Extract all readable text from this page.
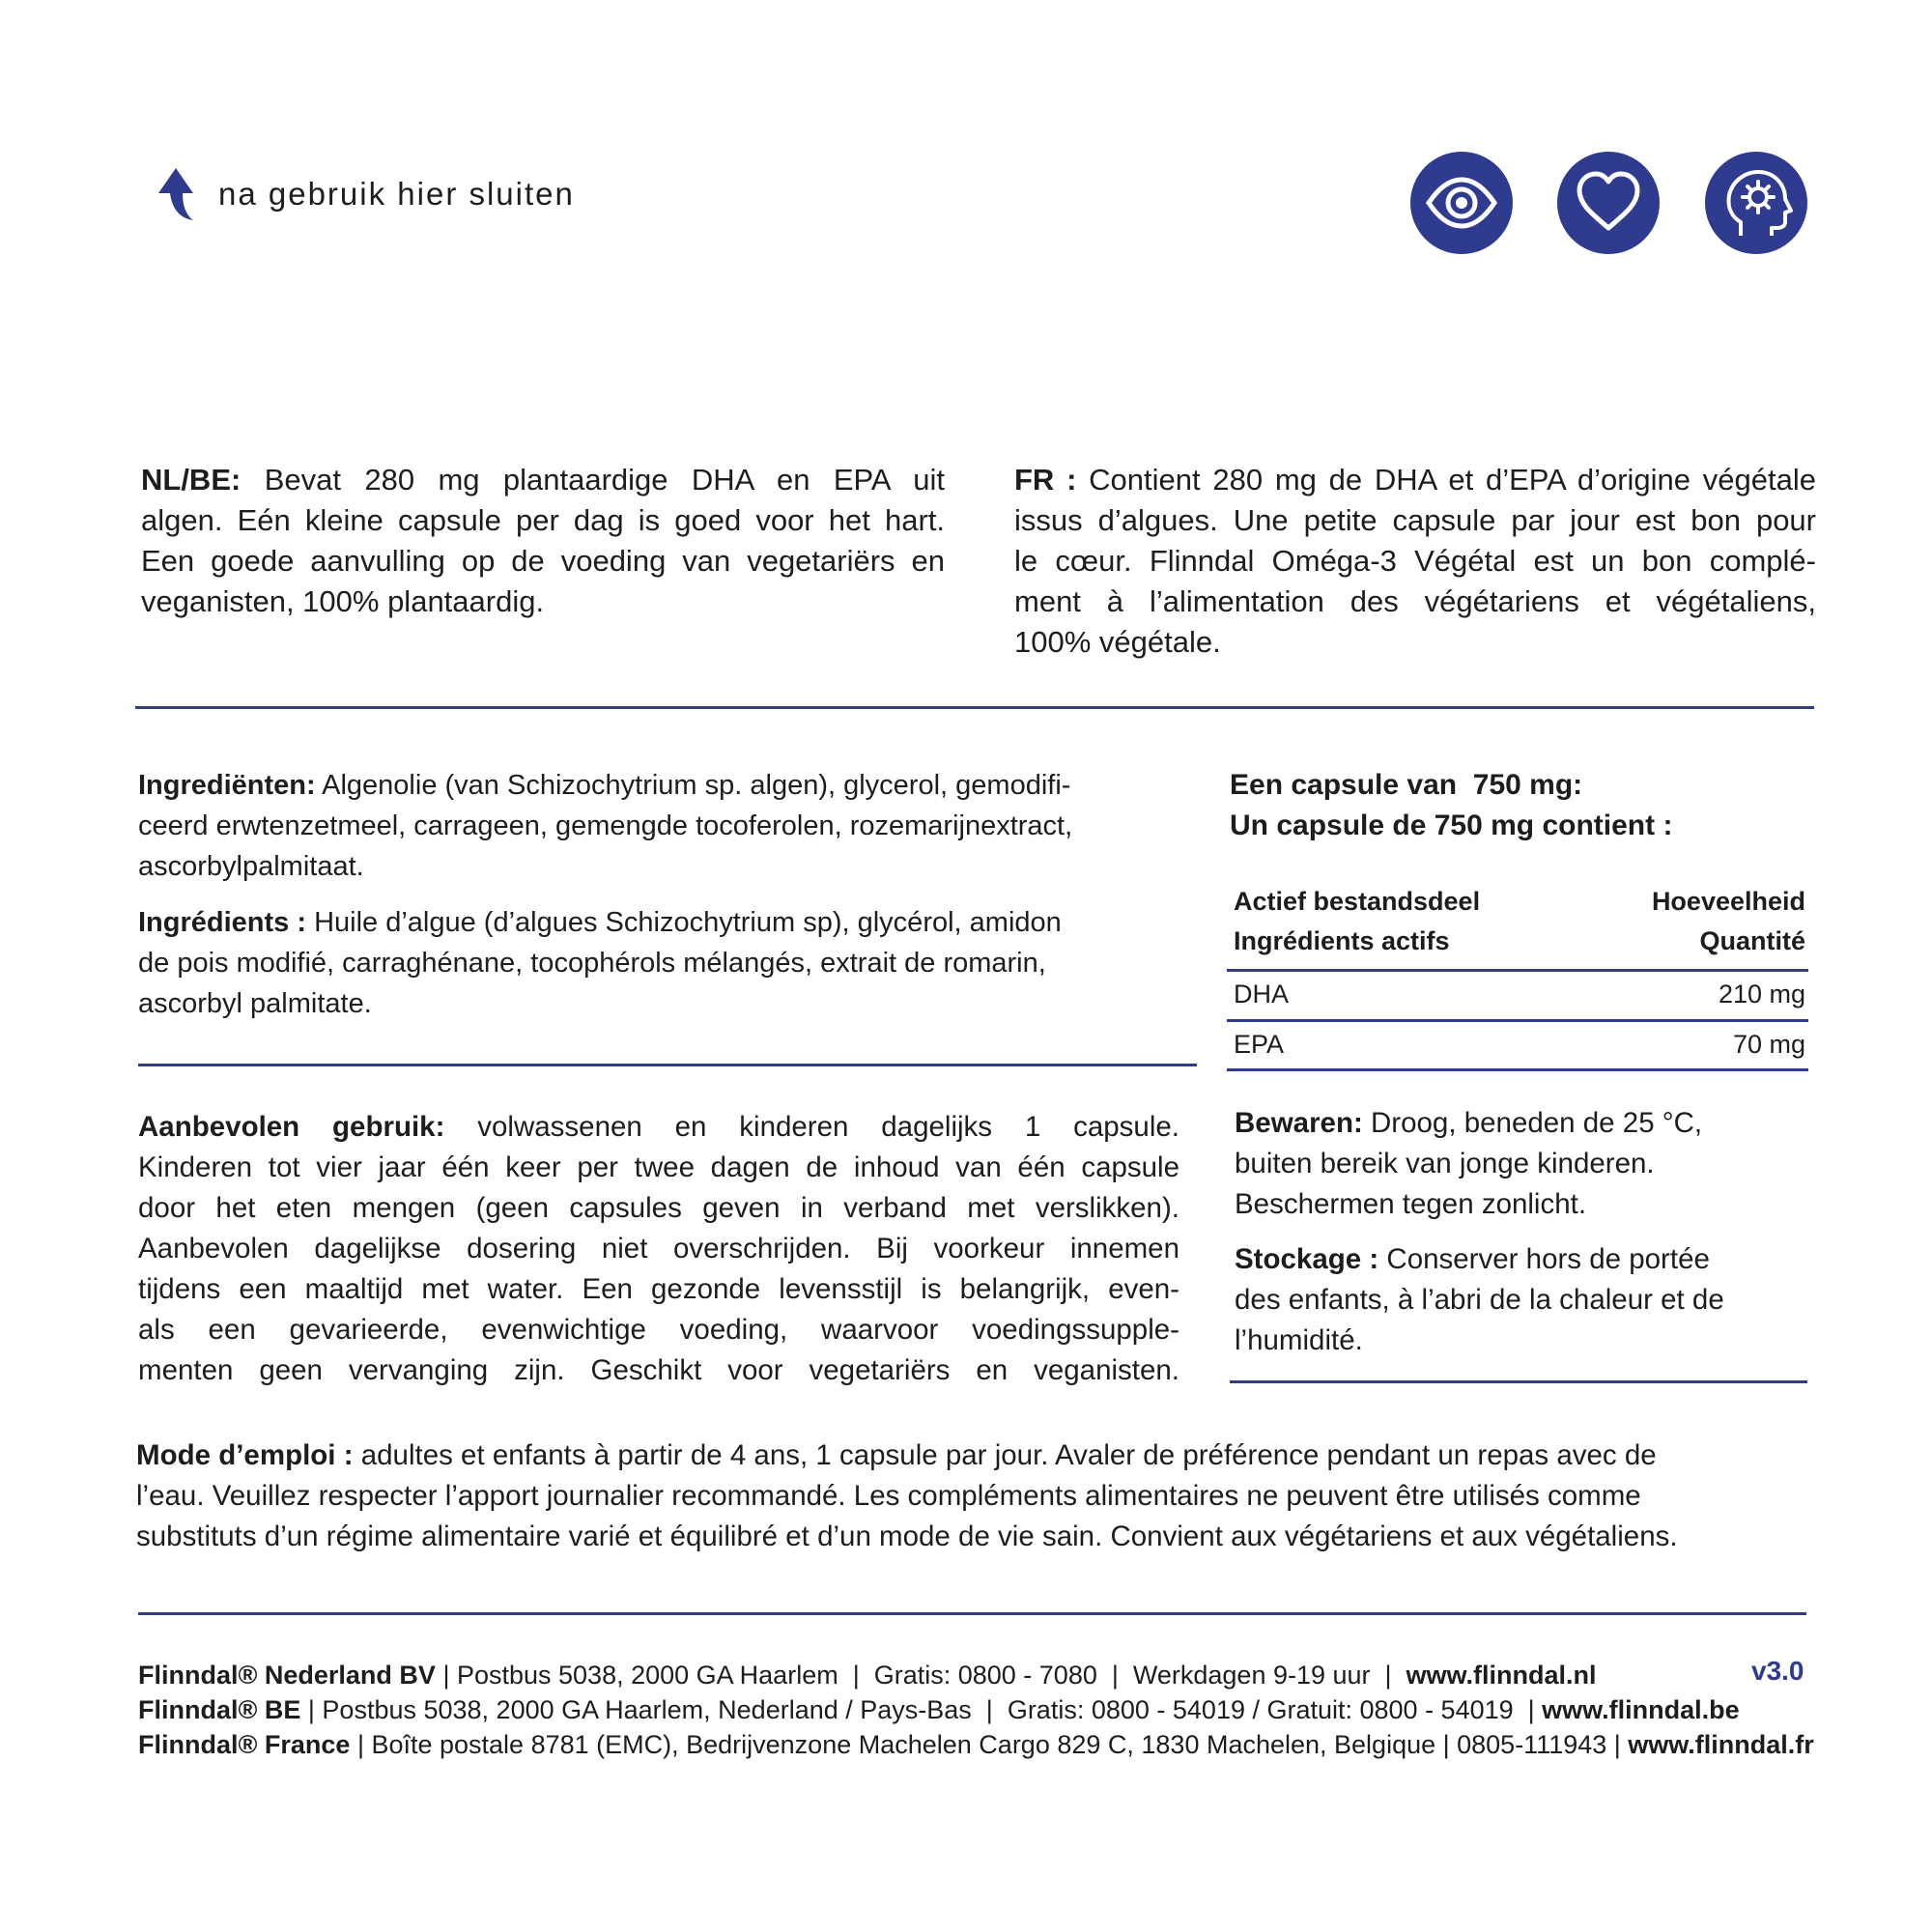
na gebruik hier sluiten
NL/BE: Bevat 280 mg plantaardige DHA en EPA uit
algen. Eén kleine capsule per dag is goed voor het hart.
Een goede aanvulling op de voeding van vegetariërs en
veganisten, 100% plantaardig.
FR : Contient 280 mg de DHA et d’EPA d’origine végétale
issus d’algues. Une petite capsule par jour est bon pour
le cœur. Flinndal Oméga-3 Végétal est un bon complé-
ment à l’alimentation des végétariens et végétaliens,
100% végétale.
Ingrediënten: Algenolie (van Schizochytrium sp. algen), glycerol, gemodifi-
ceerd erwtenzetmeel, carrageen, gemengde tocoferolen, rozemarijnextract,
ascorbylpalmitaat.
Ingrédients : Huile d’algue (d’algues Schizochytrium sp), glycérol, amidon
de pois modifié, carraghénane, tocophérols mélangés, extrait de romarin,
ascorbyl palmitate.
Een capsule van  750 mg:
Un capsule de 750 mg contient :
Actief bestandsdeel
Ingrédients actifs
Hoeveelheid
Quantité
DHA	210 mg
EPA	70 mg
Aanbevolen gebruik: volwassenen en kinderen dagelijks 1 capsule.
Kinderen tot vier jaar één keer per twee dagen de inhoud van één capsule
door het eten mengen (geen capsules geven in verband met verslikken).
Aanbevolen dagelijkse dosering niet overschrijden. Bij voorkeur innemen
tijdens een maaltijd met water. Een gezonde levensstijl is belangrijk, even-
als een gevarieerde, evenwichtige voeding, waarvoor voedingssupple-
menten geen vervanging zijn. Geschikt voor vegetariërs en veganisten.
Bewaren: Droog, beneden de 25 °C,
buiten bereik van jonge kinderen.
Beschermen tegen zonlicht.
Stockage : Conserver hors de portée
des enfants, à l’abri de la chaleur et de
l’humidité.
Mode d’emploi : adultes et enfants à partir de 4 ans, 1 capsule par jour. Avaler de préférence pendant un repas avec de
l’eau. Veuillez respecter l’apport journalier recommandé. Les compléments alimentaires ne peuvent être utilisés comme
substituts d’un régime alimentaire varié et équilibré et d’un mode de vie sain. Convient aux végétariens et aux végétaliens.
Flinndal® Nederland BV | Postbus 5038, 2000 GA Haarlem  |  Gratis: 0800 - 7080  |  Werkdagen 9-19 uur  |  www.flinndal.nl
Flinndal® BE | Postbus 5038, 2000 GA Haarlem, Nederland / Pays-Bas  |  Gratis: 0800 - 54019 / Gratuit: 0800 - 54019  | www.flinndal.be
Flinndal® France | Boîte postale 8781 (EMC), Bedrijvenzone Machelen Cargo 829 C, 1830 Machelen, Belgique | 0805-111943 | www.flinndal.fr
v3.0
